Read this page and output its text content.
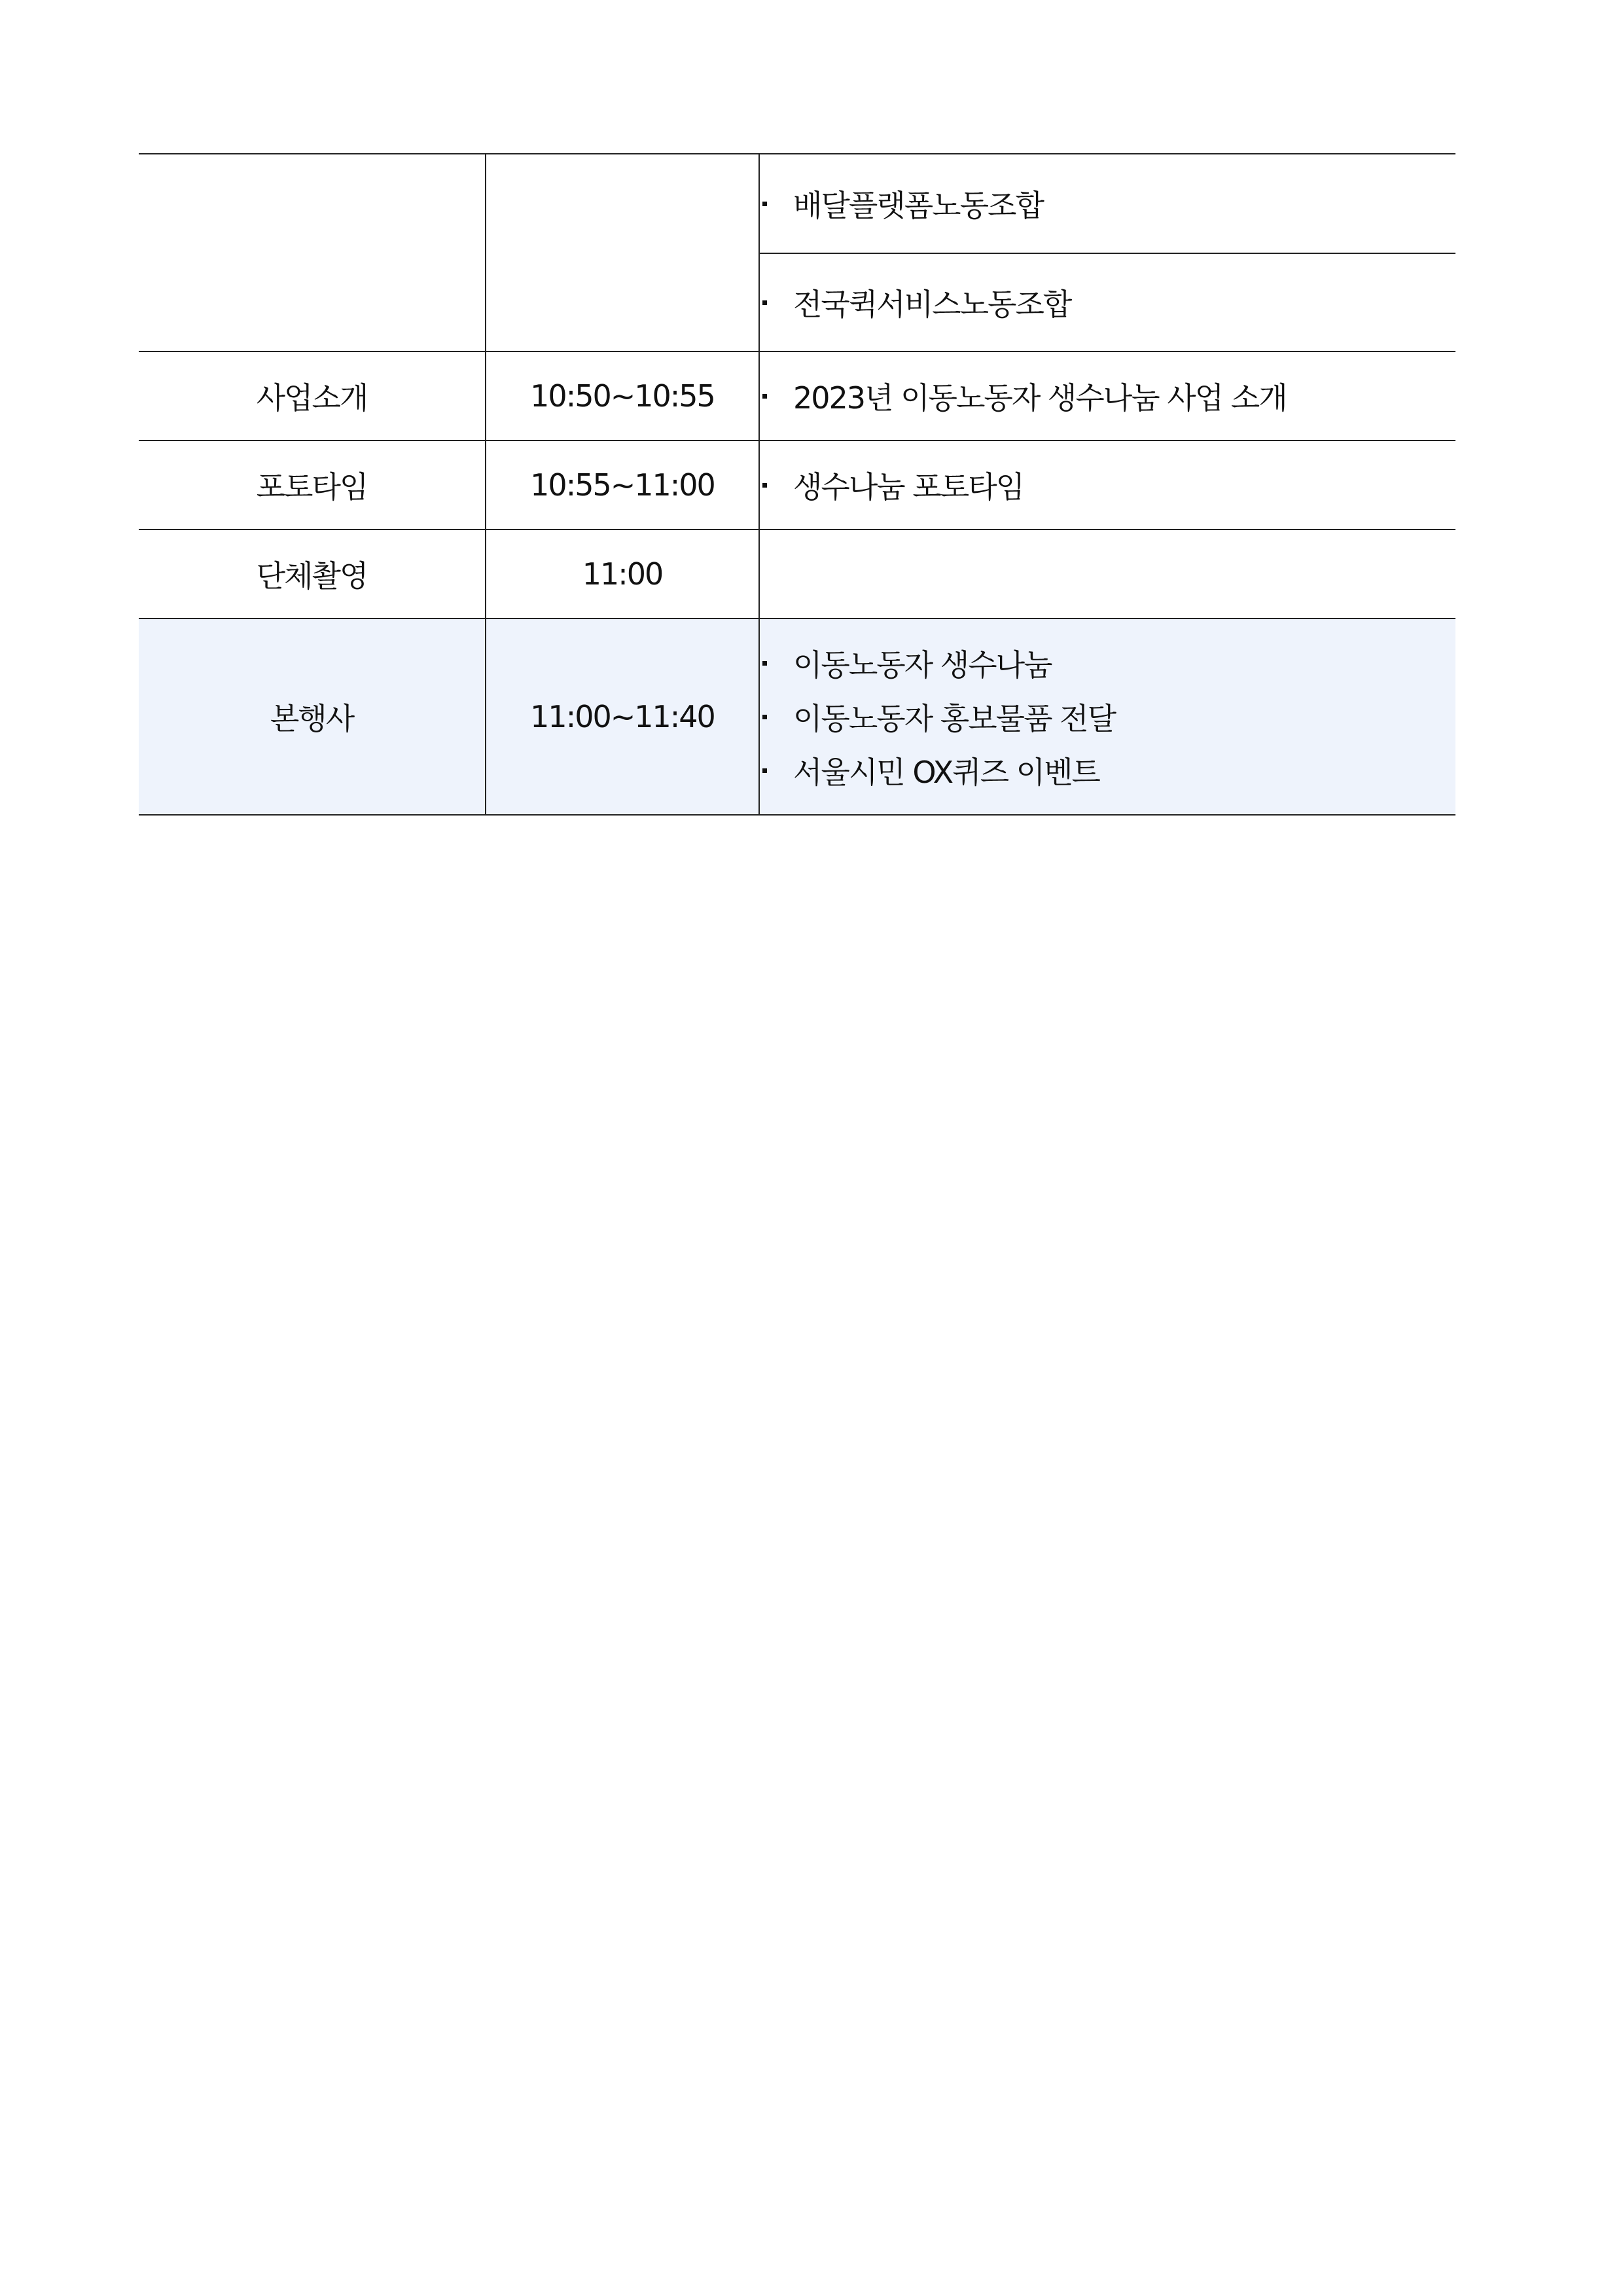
		배달플랫폼노동조합

		전국퀵서비스노동조합

사업소개	10:50~10:55	2023년 이동노동자 생수나눔 사업 소개

포토타임	10:55~11:00	생수나눔 포토타임

단체촬영	11:00	
본행사	11:00~11:40	이동노동자 생수나눔
이동노동자 홍보물품 전달
서울시민 OX퀴즈 이벤트
